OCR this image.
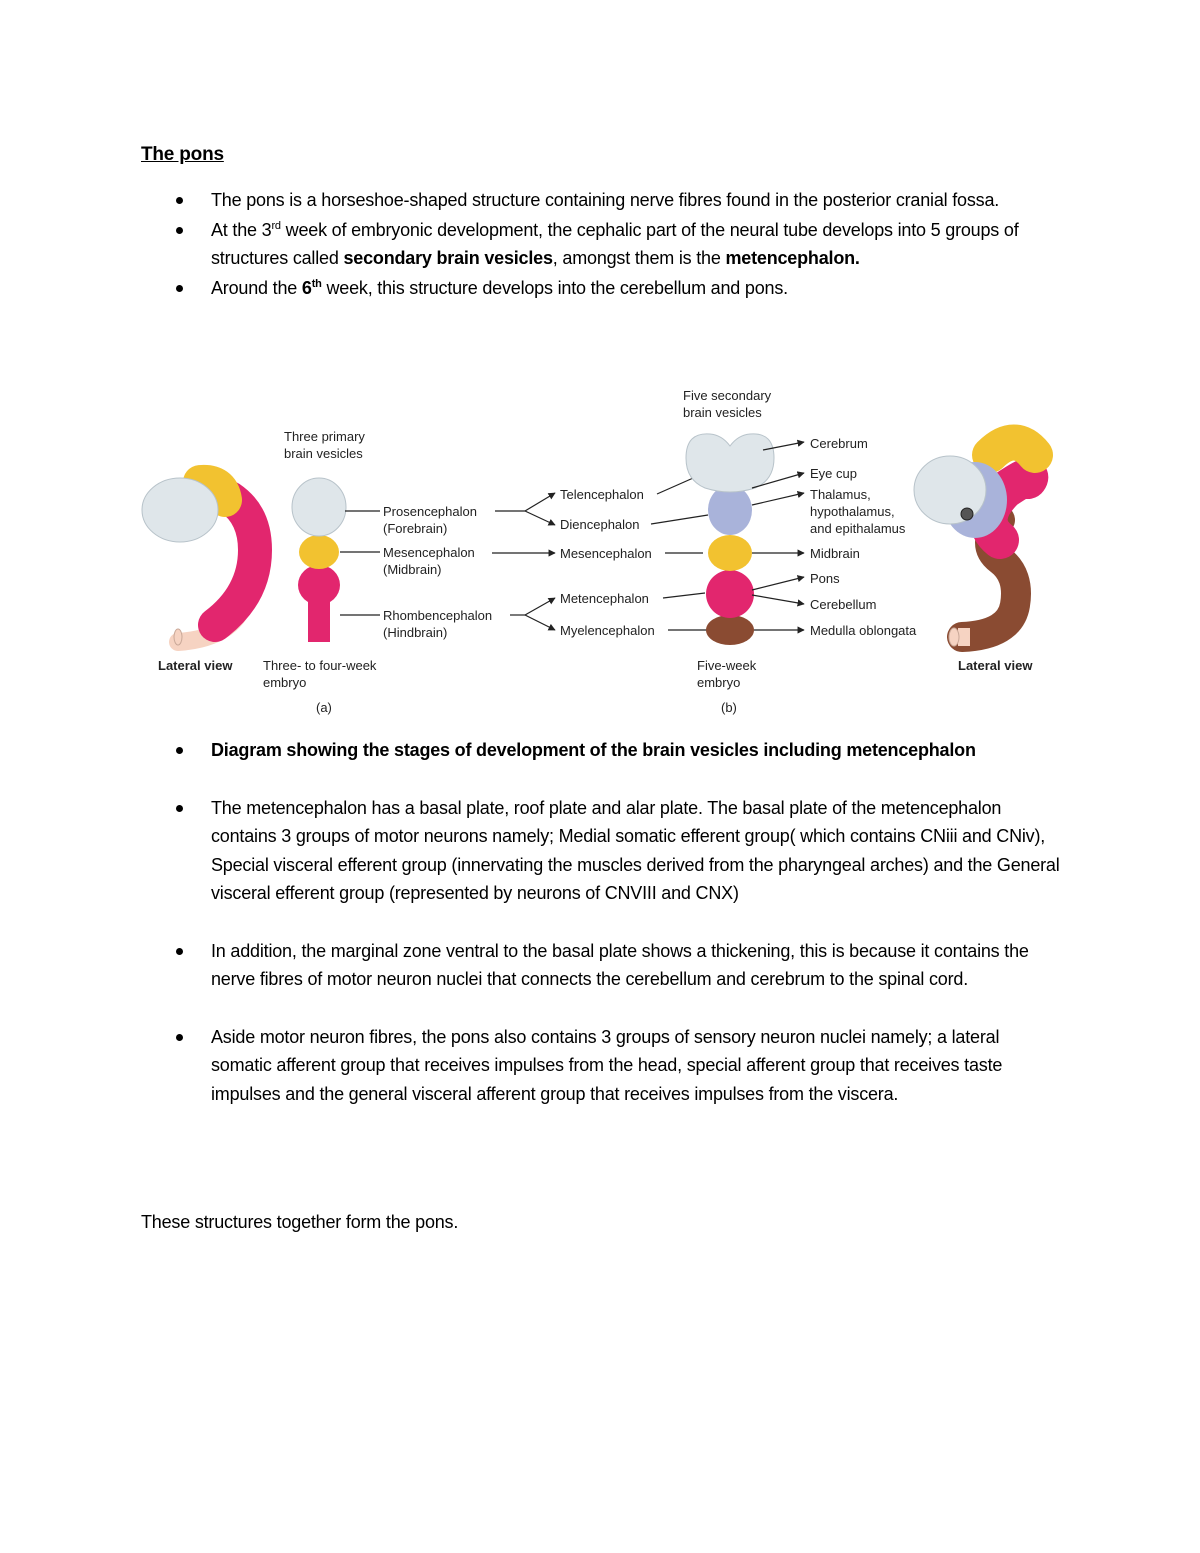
The pons
The pons is a horseshoe-shaped structure containing nerve fibres found in the posterior cranial fossa.
At the 3rd week of embryonic development, the cephalic part of the neural tube develops into 5 groups of structures called secondary brain vesicles, amongst them is the metencephalon.
Around the 6th week, this structure develops into the cerebellum and pons.
Lateral view
Three primary
brain vesicles
Three- to four-week
embryo
(a)
Prosencephalon
(Forebrain)
Mesencephalon
(Midbrain)
Rhombencephalon
(Hindbrain)
Telencephalon
Diencephalon
Mesencephalon
Metencephalon
Myelencephalon
Five secondary
brain vesicles
Five-week
embryo
(b)
Cerebrum
Eye cup
Thalamus,
hypothalamus,
and epithalamus
Midbrain
Pons
Cerebellum
Medulla oblongata
Lateral view
Diagram showing the stages of development of the brain vesicles including metencephalon
The metencephalon has a basal plate, roof plate and alar plate. The basal plate of the metencephalon contains 3 groups of motor neurons namely; Medial somatic efferent group( which contains CNiii and CNiv), Special visceral efferent group (innervating the muscles derived from the pharyngeal arches) and the General visceral efferent group (represented by neurons of CNVIII and CNX)
In addition, the marginal zone ventral to the basal plate shows a thickening, this is because it contains the nerve fibres of motor neuron nuclei that connects the cerebellum and cerebrum to the spinal cord.
Aside motor neuron fibres, the pons also contains 3 groups of sensory neuron nuclei namely; a lateral somatic afferent group that receives impulses from the head, special afferent group that receives taste impulses and the general visceral afferent group that receives impulses from the viscera.
These structures together form the pons.
